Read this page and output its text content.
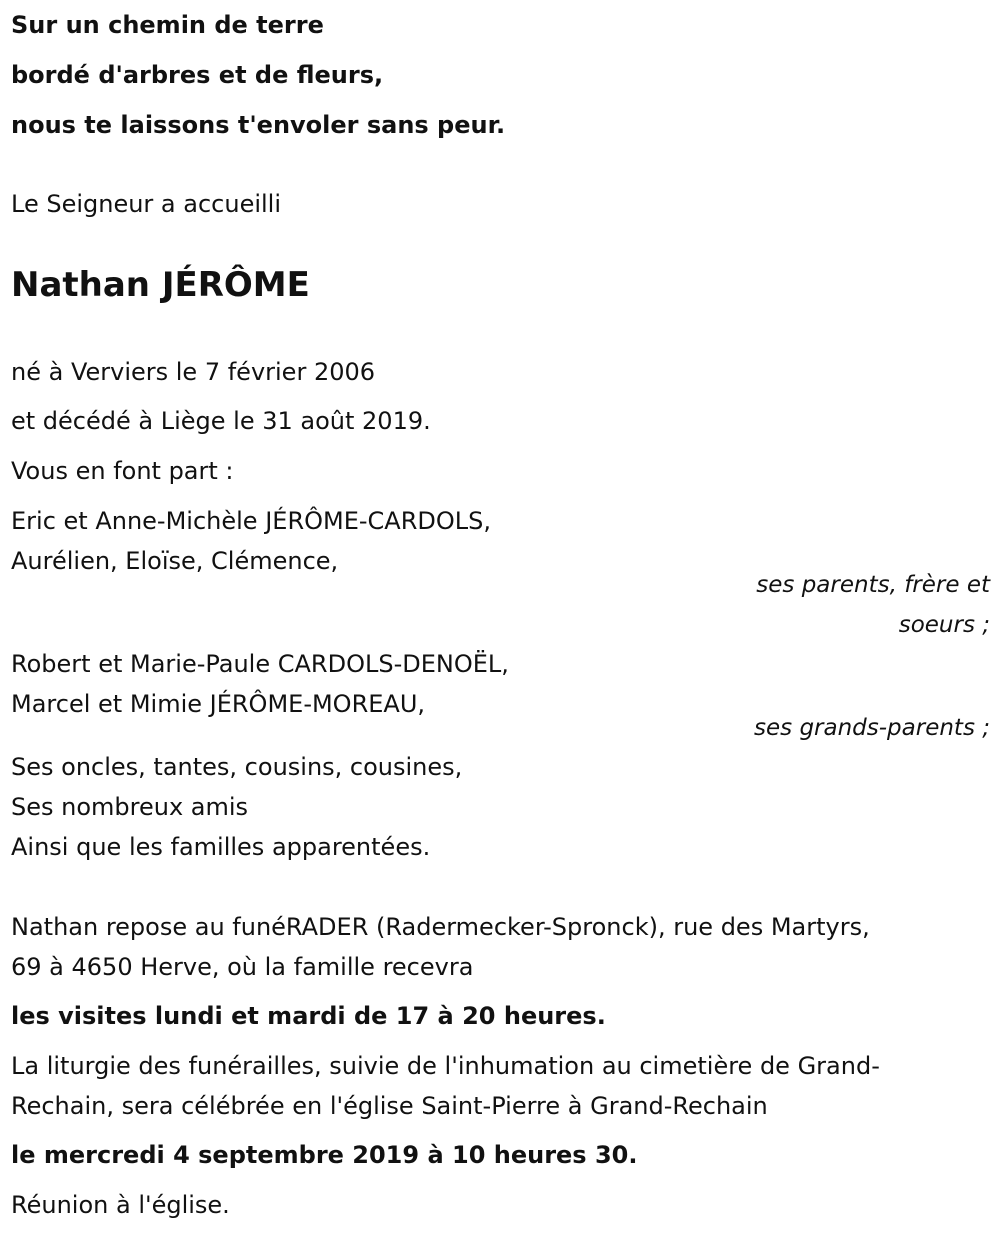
Sur un chemin de terre
bordé d'arbres et de fleurs,
nous te laissons t'envoler sans peur.
Le Seigneur a accueilli
Nathan JÉRÔME
né à Verviers le 7 février 2006
et décédé à Liège le 31 août 2019.
Vous en font part :
Eric et Anne-Michèle JÉRÔME-CARDOLS,
Aurélien, Eloïse, Clémence,
ses parents, frère et
soeurs ;
Robert et Marie-Paule CARDOLS-DENOËL,
Marcel et Mimie JÉRÔME-MOREAU,
ses grands-parents ;
Ses oncles, tantes, cousins, cousines,
Ses nombreux amis
Ainsi que les familles apparentées.
Nathan repose au funéRADER (Radermecker-Spronck), rue des Martyrs,
69 à 4650 Herve, où la famille recevra
les visites lundi et mardi de 17 à 20 heures.
La liturgie des funérailles, suivie de l'inhumation au cimetière de Grand-
Rechain, sera célébrée en l'église Saint-Pierre à Grand-Rechain
le mercredi 4 septembre 2019 à 10 heures 30.
Réunion à l'église.
